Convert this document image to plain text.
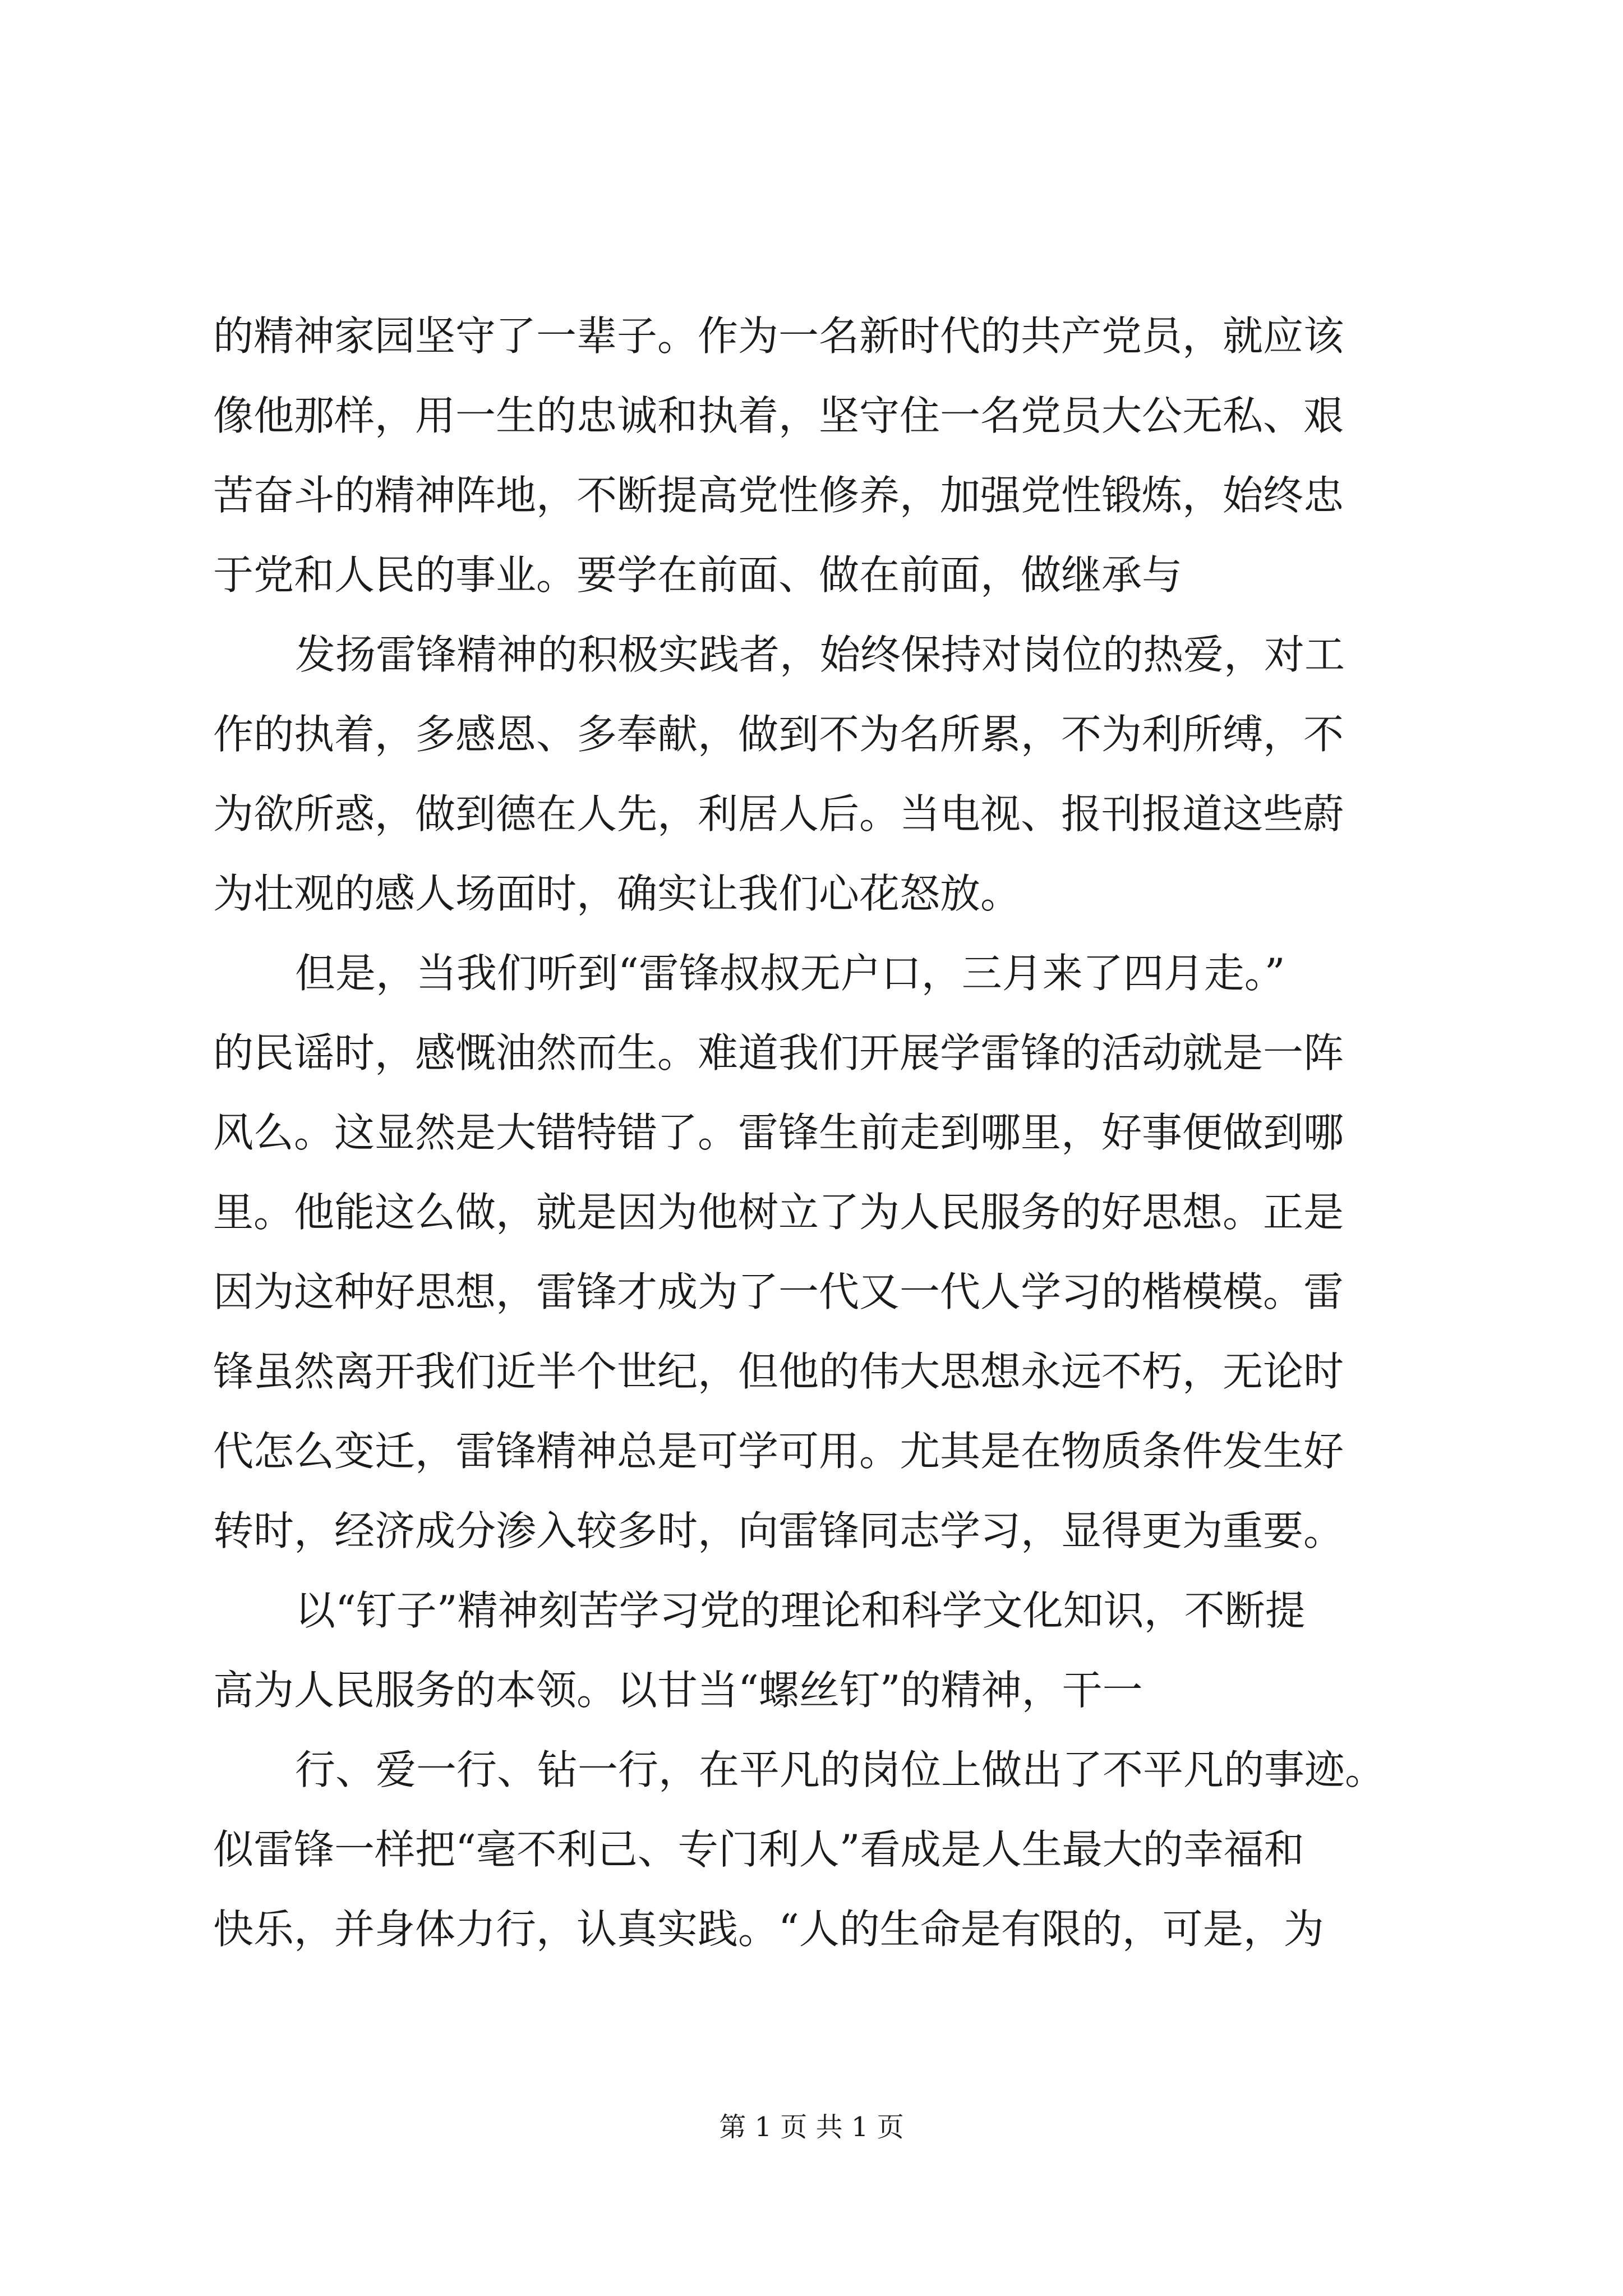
的精神家园坚守了一辈子。作为一名新时代的共产党员，就应该
像他那样，用一生的忠诚和执着，坚守住一名党员大公无私、艰
苦奋斗的精神阵地，不断提高党性修养，加强党性锻炼，始终忠
于党和人民的事业。要学在前面、做在前面，做继承与
发扬雷锋精神的积极实践者，始终保持对岗位的热爱，对工
作的执着，多感恩、多奉献，做到不为名所累，不为利所缚，不
为欲所惑，做到德在人先，利居人后。当电视、报刊报道这些蔚
为壮观的感人场面时，确实让我们心花怒放。
但是，当我们听到“雷锋叔叔无户口，三月来了四月走。”
的民谣时，感慨油然而生。难道我们开展学雷锋的活动就是一阵
风么。这显然是大错特错了。雷锋生前走到哪里，好事便做到哪
里。他能这么做，就是因为他树立了为人民服务的好思想。正是
因为这种好思想，雷锋才成为了一代又一代人学习的楷模模。雷
锋虽然离开我们近半个世纪，但他的伟大思想永远不朽，无论时
代怎么变迁，雷锋精神总是可学可用。尤其是在物质条件发生好
转时，经济成分渗入较多时，向雷锋同志学习，显得更为重要。
以“钉子”精神刻苦学习党的理论和科学文化知识，不断提
高为人民服务的本领。以甘当“螺丝钉”的精神，干一
行、爱一行、钻一行，在平凡的岗位上做出了不平凡的事迹。
似雷锋一样把“毫不利己、专门利人”看成是人生最大的幸福和
快乐，并身体力行，认真实践。“人的生命是有限的，可是，为
第 1 页 共 1 页
